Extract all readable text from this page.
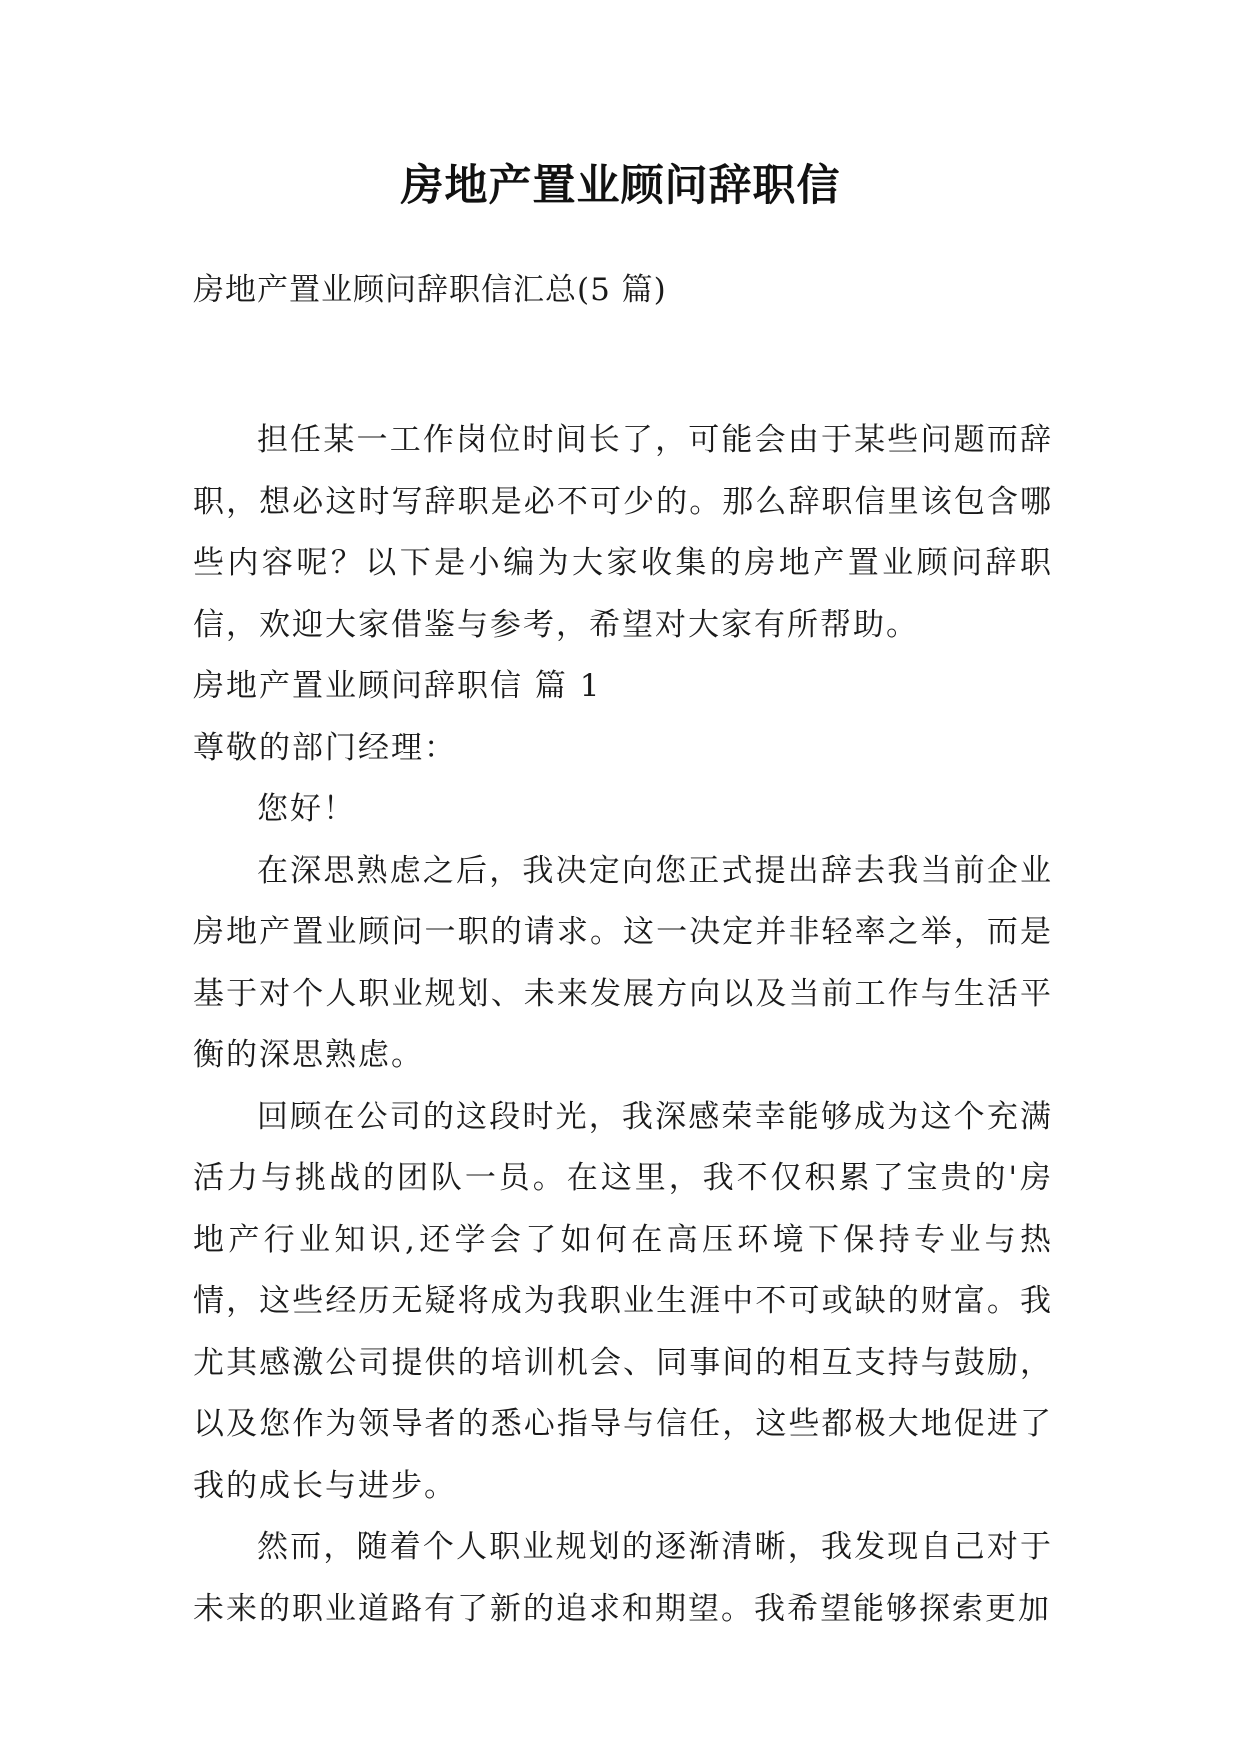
房地产置业顾问辞职信
房地产置业顾问辞职信汇总(5 篇)

担任某一工作岗位时间长了，可能会由于某些问题而辞职，想必这时写辞职是必不可少的。那么辞职信里该包含哪些内容呢？以下是小编为大家收集的房地产置业顾问辞职信，欢迎大家借鉴与参考，希望对大家有所帮助。

房地产置业顾问辞职信 篇 1

尊敬的部门经理：

您好！

在深思熟虑之后，我决定向您正式提出辞去我当前企业房地产置业顾问一职的请求。这一决定并非轻率之举，而是基于对个人职业规划、未来发展方向以及当前工作与生活平衡的深思熟虑。

回顾在公司的这段时光，我深感荣幸能够成为这个充满活力与挑战的团队一员。在这里，我不仅积累了宝贵的'房地产行业知识,还学会了如何在高压环境下保持专业与热情，这些经历无疑将成为我职业生涯中不可或缺的财富。我尤其感激公司提供的培训机会、同事间的相互支持与鼓励，以及您作为领导者的悉心指导与信任，这些都极大地促进了我的成长与进步。

然而，随着个人职业规划的逐渐清晰，我发现自己对于未来的职业道路有了新的追求和期望。我希望能够探索更加
